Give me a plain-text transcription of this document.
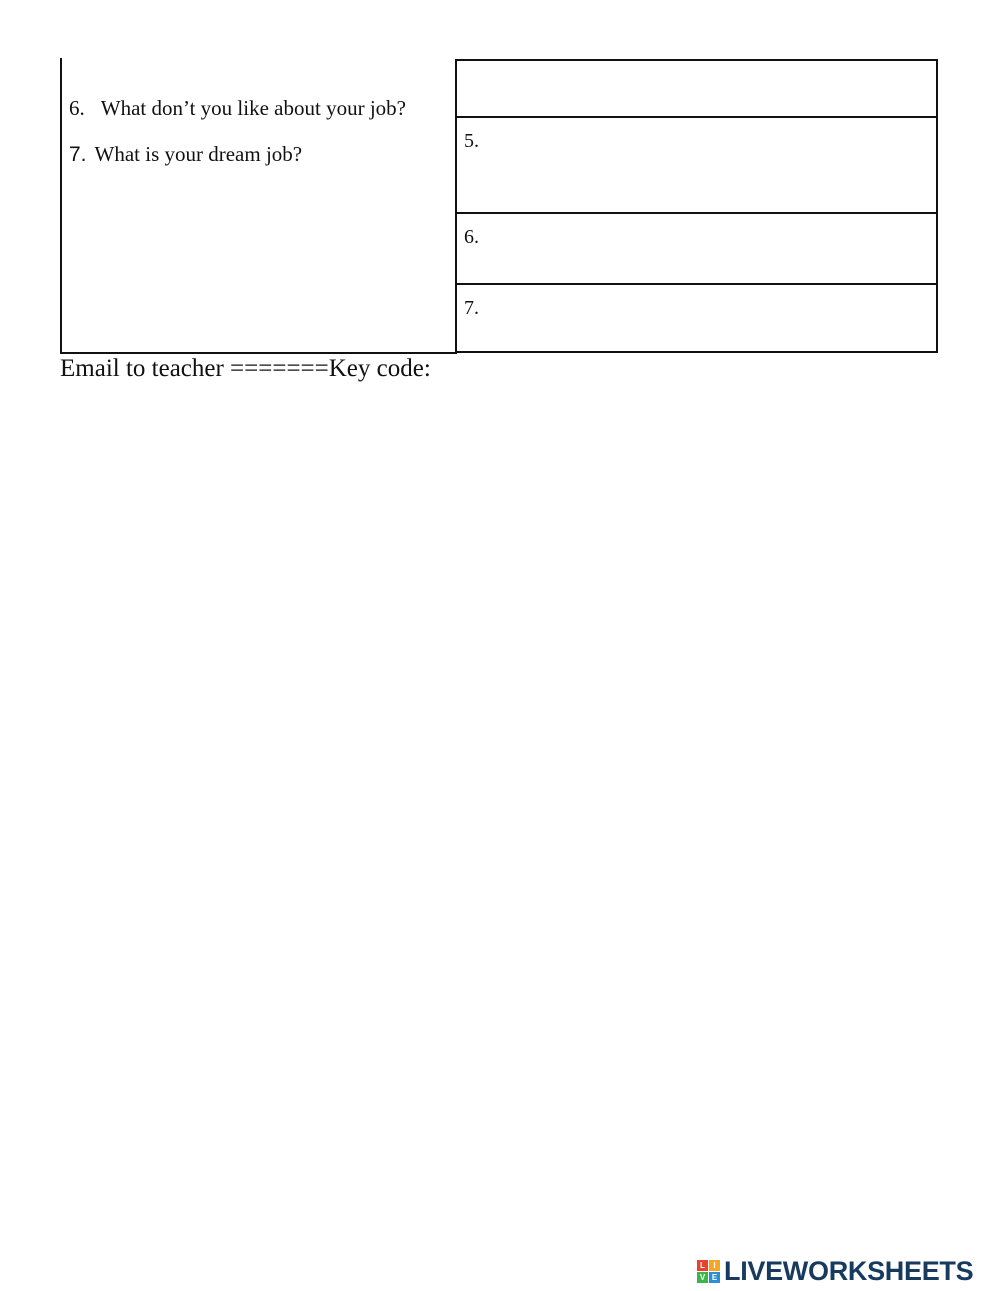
6. What don’t you like about your job?
7. What is your dream job?
5.
6.
7.
Email to teacher =======Key code:
L	I
V E LIVEWORKSHEETS
